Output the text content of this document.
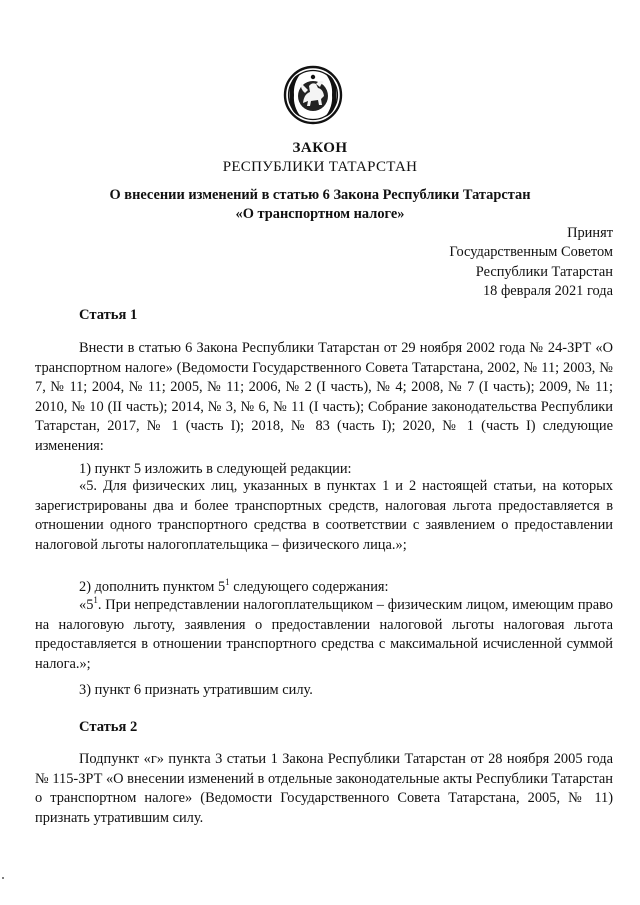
ЗАКОН

РЕСПУБЛИКИ ТАТАРСТАН

О внесении изменений в статью 6 Закона Республики Татарстан

«О транспортном налоге»

Принят
Государственным Советом
Республики Татарстан
18 февраля 2021 года

Статья 1

Внести в статью 6 Закона Республики Татарстан от 29 ноября 2002 года № 24-ЗРТ «О транспортном налоге» (Ведомости Государственного Совета Татарстана, 2002, № 11; 2003, № 7, № 11; 2004, № 11; 2005, № 11; 2006, № 2 (I часть), № 4; 2008, № 7 (I часть); 2009, № 11; 2010, № 10 (II часть); 2014, № 3, № 6, № 11 (I часть); Собрание законодательства Республики Татарстан, 2017, № 1 (часть I); 2018, № 83 (часть I); 2020, № 1 (часть I) следующие изменения:

1) пункт 5 изложить в следующей редакции:

«5. Для физических лиц, указанных в пунктах 1 и 2 настоящей статьи, на которых зарегистрированы два и более транспортных средств, налоговая льгота предоставляется в отношении одного транспортного средства в соответствии с заявлением о предоставлении налоговой льготы налогоплательщика – физического лица.»;

2) дополнить пунктом $5^1$ следующего содержания:

«$5^1$. При непредставлении налогоплательщиком – физическим лицом, имеющим право на налоговую льготу, заявления о предоставлении налоговой льготы налоговая льгота предоставляется в отношении транспортного средства с максимальной исчисленной суммой налога.»;

3) пункт 6 признать утратившим силу.

Статья 2

Подпункт «г» пункта 3 статьи 1 Закона Республики Татарстан от 28 ноября 2005 года № 115-ЗРТ «О внесении изменений в отдельные законодательные акты Республики Татарстан о транспортном налоге» (Ведомости Государственного Совета Татарстана, 2005, № 11) признать утратившим силу.
